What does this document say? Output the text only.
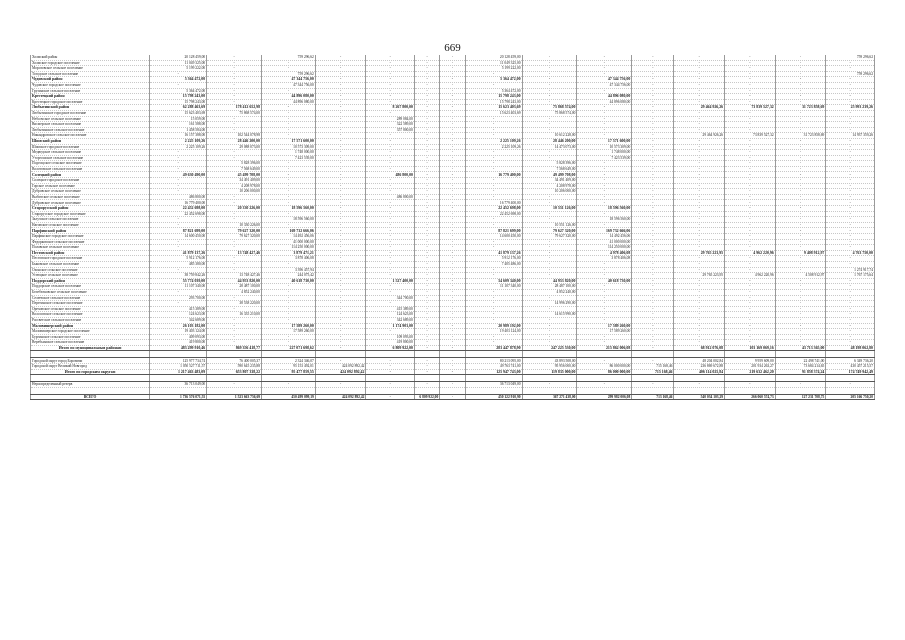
669
Холмский район	20 128 459,00	-	759 296,62	-	-	-	-	20 128 459,00	-	-	-	-	-	-	759 296,62
Холмское городское поселение	11 049 325,00	-	-	-	-	-	-	11 049 325,00	-	-	-	-	-	-	-
Морозовское сельское поселение	5 199 222,00	-	-	-	-	-	-	5 199 222,00	-	-	-	-	-	-	-
Тогодское сельское поселение	-	-	759 296,62	-	-	-	-	-	-	-	-	-	-	-	759 296,62
Чудовский район	5 364 472,00	-	47 344 756,00	-	-	-	-	5 364 472,00	-	47 344 756,00	-	-	-	-	-
Чудовское городское поселение	-	-	47 344 756,00	-	-	-	-	-	-	47 344 756,00	-	-	-	-	-
Грузинское сельское поселение	5 364 472,00	-	-	-	-	-	-	5 364 472,00	-	-	-	-	-	-	-
Крестецкий район	15 798 243,00	-	44 896 080,00	-	-	-	-	15 798 243,00	-	44 896 080,00	-	-	-	-	-
Крестецкое городское поселение	15 798 243,00	-	44 896 080,00	-	-	-	-	15 798 243,00	-	44 896 080,00	-	-	-	-	-
Любытинский район	62 288 463,69	178 412 652,98	-	-	8 267 800,00	-	-	15 623 403,69	75 868 574,00	-	-	29 464 926,26	73 839 527,32	31 723 858,69	25 993 239,26
Любытинское городское поселение	15 623 403,69	75 868 574,00	-	-	-	-	-	15 623 403,69	75 868 574,00	-	-	-	-	-	-
Неболчское сельское поселение	15 059,00	-	-	-	289 084,00	-	-	-	-	-	-	-	-	-	-
Висмерское сельское поселение	161 588,00	-	-	-	322 589,00	-	-	-	-	-	-	-	-	-	-
Любытинское сельское поселение	1 458 584,00	-	-	-	357 800,00	-	-	-	-	-	-	-	-	-	-
Никандровское сельское поселение	16 157 388,00	102 544 078,98	-	-	-	-	-	-	10 612 228,00	-	-	29 464 926,26	73 839 527,32	31 723 858,69	14 937 359,26
Шимский район	2 225 109,26	28 446 200,00	17 571 600,00	-	-	-	-	2 225 109,26	28 446 200,00	17 571 600,00	-	-	-	-	-
Шимское городское поселение	2 225 109,26	29 088 073,00	10 573 309,00	-	-	-	-	2 225 109,26	14 473 073,00	10 573 309,00	-	-	-	-	-
Медведское сельское поселение	-	-	1 748 000,00	-	-	-	-	-	-	1 748 000,00	-	-	-	-	-
Уторгошское сельское поселение	-	-	7 423 539,00	-	-	-	-	-	-	7 423 539,00	-	-	-	-	-
Подгощское сельское поселение	-	5 828 396,00	-	-	-	-	-	-	5 828 396,00	-	-	-	-	-	-
Волотовское сельское поселение	-	7 568 649,00	-	-	-	-	-	-	7 568 649,00	-	-	-	-	-	-
Солецкий район	49 630 490,00	45 499 708,00	-	-	486 800,00	-	-	16 779 400,00	49 499 708,00	-	-	-	-	-	-
Солецкое городское поселение	-	34 491 409,00	-	-	-	-	-	-	34 491 409,00	-	-	-	-	-	-
Горское сельское поселение	-	4 208 978,00	-	-	-	-	-	-	4 208 978,00	-	-	-	-	-	-
Дубровское сельское поселение	-	10 206 000,00	-	-	-	-	-	-	10 206 000,00	-	-	-	-	-	-
Выбитское сельское поселение	486 800,00	-	-	-	486 800,00	-	-	-	-	-	-	-	-	-	-
Дубровское сельское поселение	16 779 400,00	-	-	-	-	-	-	16 779 400,00	-	-	-	-	-	-	-
Старорусский район	22 452 698,00	20 330 226,00	18 596 560,00	-	-	-	-	22 452 698,00	10 551 126,00	18 596 560,00	-	-	-	-	-
Старорусское городское поселение	22 452 698,00	-	-	-	-	-	-	22 452 698,00	-	-	-	-	-	-	-
Залучское сельское поселение	-	-	18 596 560,00	-	-	-	-	-	-	18 596 560,00	-	-	-	-	-
Наговское сельское поселение	-	10 330 226,00	-	-	-	-	-	-	10 551 126,00	-	-	-	-	-	-
Парфинский район	87 821 699,00	79 627 320,00	169 732 666,06	-	-	-	-	87 821 699,00	79 627 320,00	169 732 666,06	-	-	-	-	-
Парфинское городское поселение	14 600 450,00	79 627 320,00	14 492 456,06	-	-	-	-	14 600 450,00	79 627 320,00	14 492 456,06	-	-	-	-	-
Федорковское сельское поселение	-	-	41 000 000,00	-	-	-	-	-	-	41 000 000,00	-	-	-	-	-
Полавское сельское поселение	-	-	114 250 000,00	-	-	-	-	-	-	114 250 000,00	-	-	-	-	-
Пестовский район	41 879 137,26	13 748 427,46	3 879 471,21	-	-	-	-	41 879 137,26	-	4 978 406,08	-	29 765 223,95	4 962 220,96	9 408 912,97	4 763 750,00
Пестовское городское поселение	5 912 176,00	-	3 878 406,08	-	-	-	-	5 912 176,00	-	3 878 406,08	-	-	-	-	-
Быковское сельское поселение	485 380,00	-	-	-	-	-	-	7 405 486,00	-	-	-	-	-	-	-
Охонское сельское поселение	-	-	3 396 457,94	-	-	-	-	-	-	-	-	-	-	-	1 274 917,74
Устюцкое сельское поселение	38 759 842,26	13 748 427,46	244 075,42	-	-	-	-	-	-	-	-	29 765 223,95	4 962 220,96	4 508 912,97	1 767 175,64
Поддорский район	55 774 039,00	44 953 820,00	40 618 730,00	-	1 527 400,00	-	-	54 609 340,00	44 953 820,00	40 618 730,00	-	-	-	-	-
Поддорское сельское поселение	11 107 340,00	28 487 100,00	-	-	-	-	-	11 107 340,00	28 487 100,00	-	-	-	-	-	-
Белебелковское сельское поселение	-	4 852 240,00	-	-	-	-	-	-	4 852 240,00	-	-	-	-	-	-
Селеевское сельское поселение	293 700,00	-	-	-	344 700,00	-	-	-	-	-	-	-	-	-	-
Перегинское сельское поселение	-	38 538 220,00	-	-	-	-	-	-	14 996 290,00	-	-	-	-	-	-
Ореховское сельское поселение	415 389,00	-	-	-	415 389,00	-	-	-	-	-	-	-	-	-	-
Волосовское сельское поселение	124 623,00	16 335 210,00	-	-	124 623,00	-	-	-	14 615 990,00	-	-	-	-	-	-
Рассветское сельское поселение	342 689,00	-	-	-	342 689,00	-	-	-	-	-	-	-	-	-	-
Маловишерский район	26 103 182,00	-	17 589 260,00	-	1 174 903,00	-	-	20 989 192,00	-	17 589 260,00	-	-	-	-	-
Маловишерское городское поселение	19 403 124,00	-	17 589 260,00	-	-	-	-	19 403 124,00	-	17 589 260,00	-	-	-	-	-
Бургинское сельское поселение	409 093,00	-	-	-	109 093,00	-	-	-	-	-	-	-	-	-	-
Веребьинское сельское поселение	419 800,00	-	-	-	419 800,00	-	-	-	-	-	-	-	-	-	-
Итого по муниципальным районам	483 299 910,46	869 356 418,77	227 071 698,62	-	6 809 922,00	-	-	283 447 878,90	247 225 530,00	215 862 006,08	-	68 912 076,08	103 169 069,16	43 713 365,00	48 198 062,80

Городской округ город Боровичи	125 977 734,74	76 400 005,37	2 324 346,07	-	-	-	-	80 213 095,00	43 893 508,00	-	-	48 204 002,84	9 959 609,00	22 498 741,00	6 349 736,20
Городской округ Великий Новгород	1 050 527 711,57	590 645 235,88	95 153 492,01	424 092 892,42	-	-	-	49 763 741,00	95 956 000,00	86 000 000,00	715 168,46	236 869 672,88	201 934 263,27	73 684 214,65	430 457 215,57
Итого по городским округам	1 217 463 483,09	653 807 338,22	95 477 859,55	424 092 892,42	-	-	-	125 947 743,00	119 835 000,00	86 000 000,00	715 168,46	406 114 025,84	219 632 462,20	91 858 374,24	174 749 942,49

Нераспределенный резерв	36 713 049,00	-	-	-	-	-	-	36 713 049,00	-	-	-	-	-	-	-

ВСЕГО	1 736 576 071,55	1 523 663 756,69	450 499 099,19	424 092 892,42	-	6 809 922,00	-	450 122 910,90	367 271 438,00	299 982 006,08	713 168,46	540 034 103,29	266 060 574,73	127 231 708,75	205 166 750,20
